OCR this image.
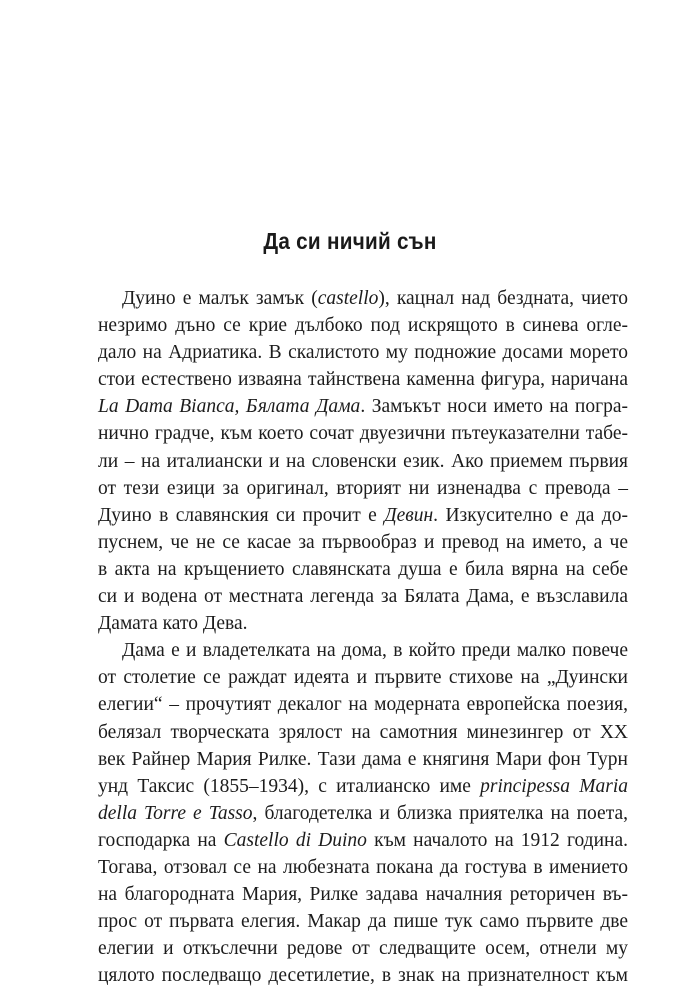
Да си ничий сън
Дуино е малък замък (castello), кацнал над бездната, чието
незримо дъно се крие дълбоко под искрящото в синева огле-
дало на Адриатика. В скалистото му подножие досами морето
стои естествено изваяна тайнствена каменна фигура, наричана
La Dama Bianca, Бялата Дама. Замъкът носи името на погра-
нично градче, към което сочат двуезични пътеуказателни табе-
ли – на италиански и на словенски език. Ако приемем първия
от тези езици за оригинал, вторият ни изненадва с превода –
Дуино в славянския си прочит е Девин. Изкусително е да до-
пуснем, че не се касае за първообраз и превод на името, а че
в акта на кръщението славянската душа е била вярна на себе
си и водена от местната легенда за Бялата Дама, е възславила
Дамата като Дева.
Дама е и владетелката на дома, в който преди малко повече
от столетие се раждат идеята и първите стихове на „Дуински
елегии“ – прочутият декалог на модерната европейска поезия,
белязал творческата зрялост на самотния минезингер от XX
век Райнер Мария Рилке. Тази дама е княгиня Мари фон Турн
унд Таксис (1855–1934), с италианско име principessa Maria
della Torre e Tasso, благодетелка и близка приятелка на поета,
господарка на Castello di Duino към началото на 1912 година.
Тогава, отзовал се на любезната покана да гостува в имението
на благородната Мария, Рилке задава началния реторичен въ-
прос от първата елегия. Макар да пише тук само първите две
елегии и откъслечни редове от следващите осем, отнели му
цялото последващо десетилетие, в знак на признателност към
